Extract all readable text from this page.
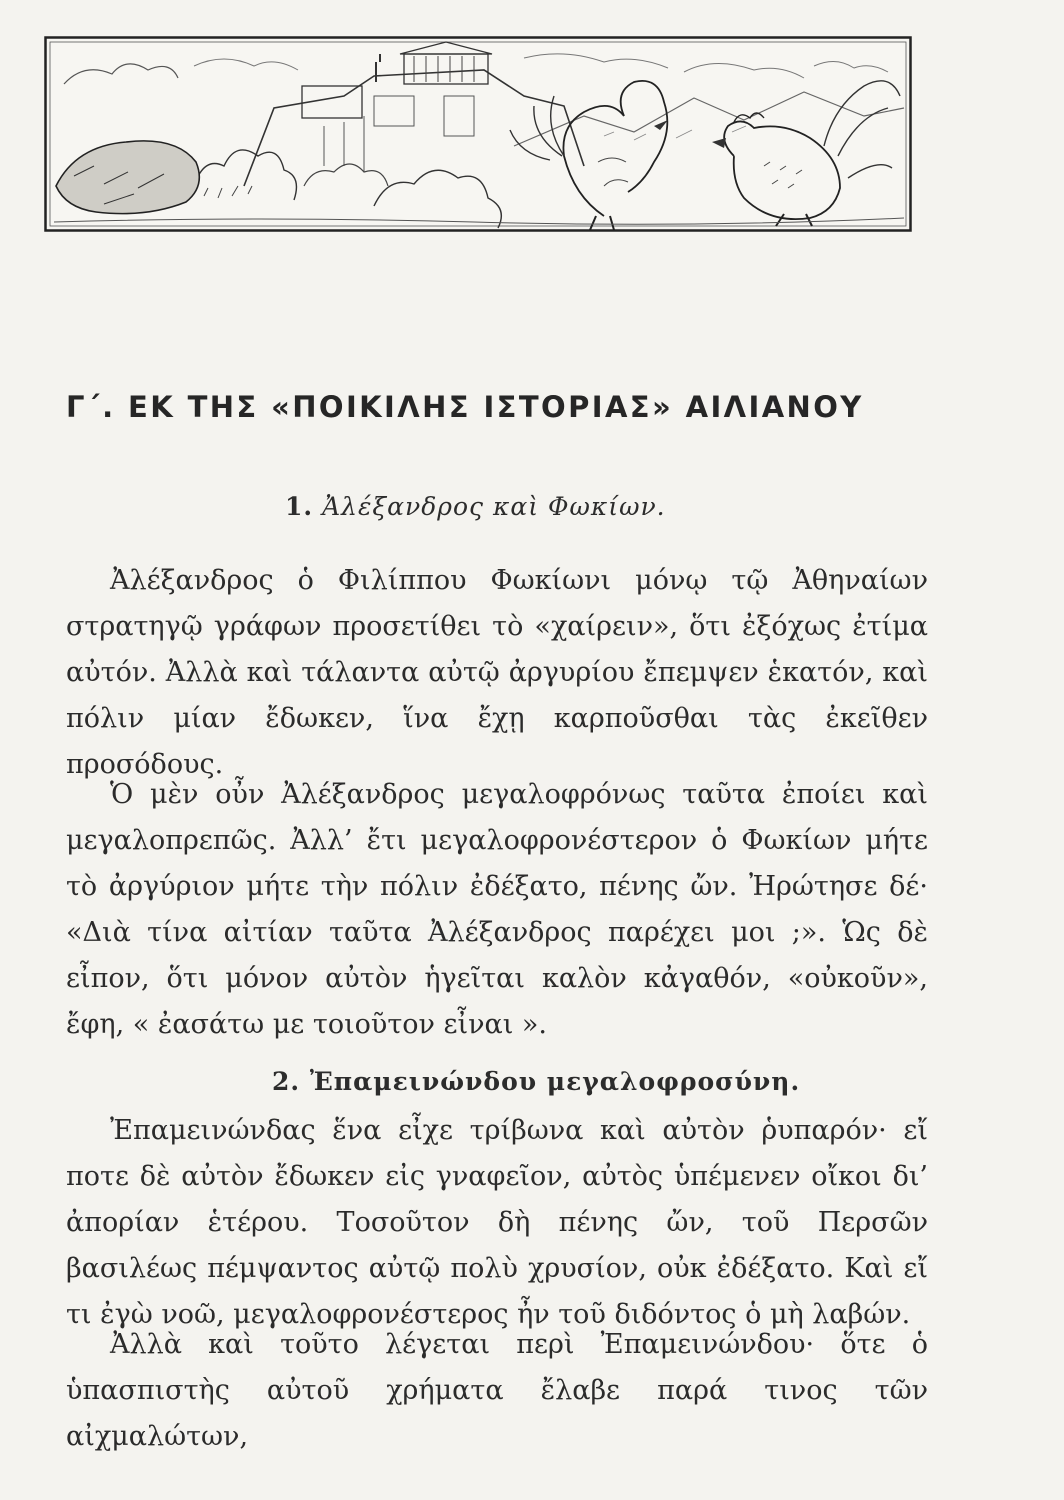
Γ΄. ΕΚ ΤΗΣ «ΠΟΙΚΙΛΗΣ ΙΣΤΟΡΙΑΣ» ΑΙΛΙΑΝΟΥ
1. Ἀλέξανδρος καὶ Φωκίων.

Ἀλέξανδρος ὁ Φιλίππου Φωκίωνι μόνῳ τῷ Ἀθηναίων στρατηγῷ γράφων προσετίθει τὸ «χαίρειν», ὅτι ἐξόχως ἐτίμα αὐτόν. Ἀλλὰ καὶ τάλαντα αὐτῷ ἀργυρίου ἔπεμψεν ἑκατόν, καὶ πόλιν μίαν ἔδωκεν, ἵνα ἔχῃ καρποῦσθαι τὰς ἐκεῖθεν προσόδους.

Ὁ μὲν οὖν Ἀλέξανδρος μεγαλοφρόνως ταῦτα ἐποίει καὶ μεγαλοπρεπῶς. Ἀλλ’ ἔτι μεγαλοφρονέστερον ὁ Φωκίων μήτε τὸ ἀργύριον μήτε τὴν πόλιν ἐδέξατο, πένης ὤν. Ἠρώτησε δέ· «Διὰ τίνα αἰτίαν ταῦτα Ἀλέξανδρος παρέχει μοι ;». Ὡς δὲ εἶπον, ὅτι μόνον αὐτὸν ἡγεῖται καλὸν κἀγαθόν, «οὐκοῦν», ἔφη, « ἐασάτω με τοιοῦτον εἶναι ».

2. Ἐπαμεινώνδου μεγαλοφροσύνη.

Ἐπαμεινώνδας ἕνα εἶχε τρίβωνα καὶ αὐτὸν ῥυπαρόν· εἴ ποτε δὲ αὐτὸν ἔδωκεν εἰς γναφεῖον, αὐτὸς ὑπέμενεν οἴκοι δι’ ἀπορίαν ἑτέρου. Τοσοῦτον δὴ πένης ὤν, τοῦ Περσῶν βασιλέως πέμψαντος αὐτῷ πολὺ χρυσίον, οὐκ ἐδέξατο. Καὶ εἴ τι ἐγὼ νοῶ, μεγαλοφρονέστερος ἦν τοῦ διδόντος ὁ μὴ λαβών.

Ἀλλὰ καὶ τοῦτο λέγεται περὶ Ἐπαμεινώνδου· ὅτε ὁ ὑπασπιστὴς αὐτοῦ χρήματα ἔλαβε παρά τινος τῶν αἰχμαλώτων,
